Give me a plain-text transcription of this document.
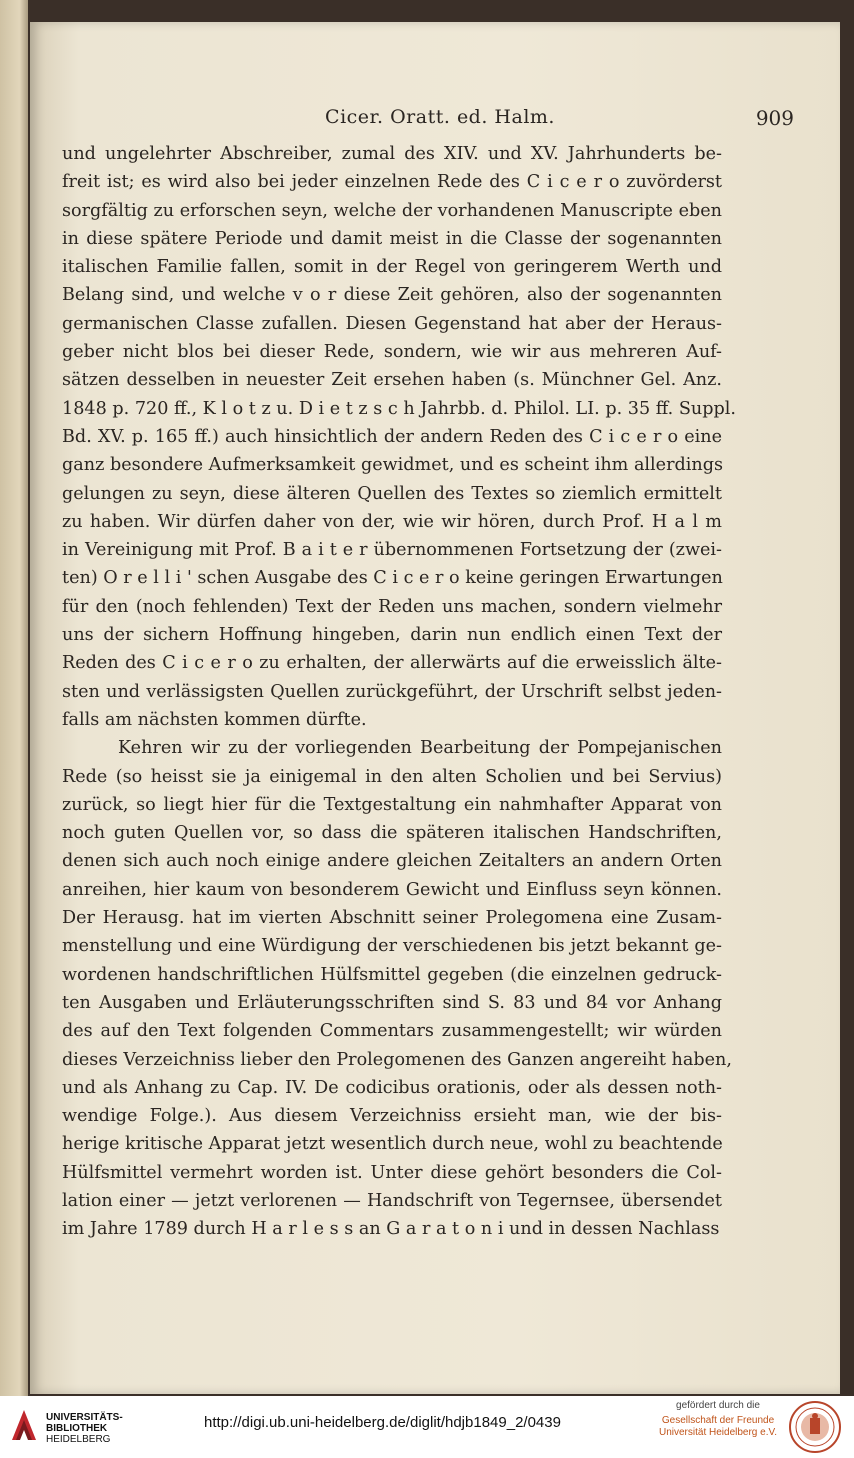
Cicer. Oratt. ed. Halm.	909
und ungelehrter Abschreiber, zumal des XIV. und XV. Jahrhunderts be-
freit ist; es wird also bei jeder einzelnen Rede des C i c e r o zuvörderst
sorgfältig zu erforschen seyn, welche der vorhandenen Manuscripte eben
in diese spätere Periode und damit meist in die Classe der sogenannten
italischen Familie fallen, somit in der Regel von geringerem Werth und
Belang sind, und welche v o r diese Zeit gehören, also der sogenannten
germanischen Classe zufallen. Diesen Gegenstand hat aber der Heraus-
geber nicht blos bei dieser Rede, sondern, wie wir aus mehreren Auf-
sätzen desselben in neuester Zeit ersehen haben (s. Münchner Gel. Anz.
1848 p. 720 ff., K l o t z u. D i e t z s c h Jahrbb. d. Philol. LI. p. 35 ff. Suppl.
Bd. XV. p. 165 ff.) auch hinsichtlich der andern Reden des C i c e r o eine
ganz besondere Aufmerksamkeit gewidmet, und es scheint ihm allerdings
gelungen zu seyn, diese älteren Quellen des Textes so ziemlich ermittelt
zu haben. Wir dürfen daher von der, wie wir hören, durch Prof. H a l m
in Vereinigung mit Prof. B a i t e r übernommenen Fortsetzung der (zwei-
ten) O r e l l i ' schen Ausgabe des C i c e r o keine geringen Erwartungen
für den (noch fehlenden) Text der Reden uns machen, sondern vielmehr
uns der sichern Hoffnung hingeben, darin nun endlich einen Text der
Reden des C i c e r o zu erhalten, der allerwärts auf die erweisslich älte-
sten und verlässigsten Quellen zurückgeführt, der Urschrift selbst jeden-
falls am nächsten kommen dürfte.
Kehren wir zu der vorliegenden Bearbeitung der Pompejanischen
Rede (so heisst sie ja einigemal in den alten Scholien und bei Servius)
zurück, so liegt hier für die Textgestaltung ein nahmhafter Apparat von
noch guten Quellen vor, so dass die späteren italischen Handschriften,
denen sich auch noch einige andere gleichen Zeitalters an andern Orten
anreihen, hier kaum von besonderem Gewicht und Einfluss seyn können.
Der Herausg. hat im vierten Abschnitt seiner Prolegomena eine Zusam-
menstellung und eine Würdigung der verschiedenen bis jetzt bekannt ge-
wordenen handschriftlichen Hülfsmittel gegeben (die einzelnen gedruck-
ten Ausgaben und Erläuterungsschriften sind S. 83 und 84 vor Anhang
des auf den Text folgenden Commentars zusammengestellt; wir würden
dieses Verzeichniss lieber den Prolegomenen des Ganzen angereiht haben,
und als Anhang zu Cap. IV. De codicibus orationis, oder als dessen noth-
wendige Folge.). Aus diesem Verzeichniss ersieht man, wie der bis-
herige kritische Apparat jetzt wesentlich durch neue, wohl zu beachtende
Hülfsmittel vermehrt worden ist. Unter diese gehört besonders die Col-
lation einer — jetzt verlorenen — Handschrift von Tegernsee, übersendet
im Jahre 1789 durch H a r l e s s an G a r a t o n i und in dessen Nachlass
UNIVERSITÄTS-
BIBLIOTHEK
HEIDELBERG
http://digi.ub.uni-heidelberg.de/diglit/hdjb1849_2/0439
gefördert durch die
Gesellschaft der Freunde
Universität Heidelberg e.V.
